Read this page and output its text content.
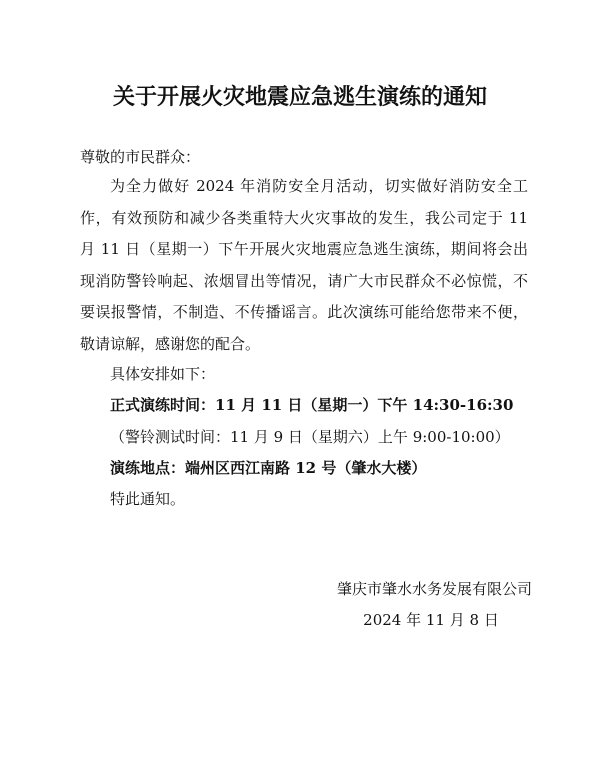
关于开展火灾地震应急逃生演练的通知
尊敬的市民群众：
为全力做好 2024 年消防安全月活动，切实做好消防安全工作，有效预防和减少各类重特大火灾事故的发生，我公司定于 11 月 11 日（星期一）下午开展火灾地震应急逃生演练，期间将会出现消防警铃响起、浓烟冒出等情况，请广大市民群众不必惊慌，不要误报警情，不制造、不传播谣言。此次演练可能给您带来不便，敬请谅解，感谢您的配合。
具体安排如下：
正式演练时间：11 月 11 日（星期一）下午 14:30-16:30
（警铃测试时间：11 月 9 日（星期六）上午 9:00-10:00）
演练地点：端州区西江南路 12 号（肇水大楼）
特此通知。
肇庆市肇水水务发展有限公司
2024 年 11 月 8 日
